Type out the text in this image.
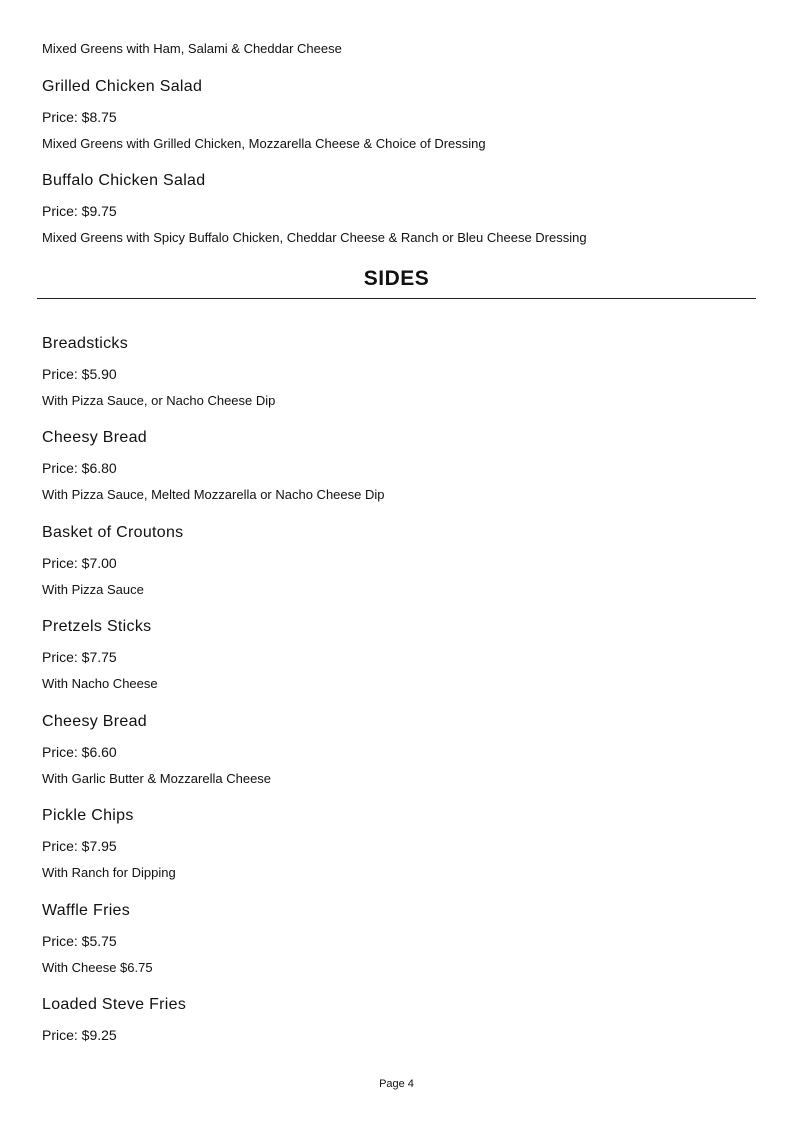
Mixed Greens with Ham, Salami & Cheddar Cheese

Grilled Chicken Salad

Price: $8.75

Mixed Greens with Grilled Chicken, Mozzarella Cheese & Choice of Dressing

Buffalo Chicken Salad

Price: $9.75

Mixed Greens with Spicy Buffalo Chicken, Cheddar Cheese & Ranch or Bleu Cheese Dressing

SIDES

Breadsticks

Price: $5.90

With Pizza Sauce, or Nacho Cheese Dip

Cheesy Bread

Price: $6.80

With Pizza Sauce, Melted Mozzarella or Nacho Cheese Dip

Basket of Croutons

Price: $7.00

With Pizza Sauce

Pretzels Sticks

Price: $7.75

With Nacho Cheese

Cheesy Bread

Price: $6.60

With Garlic Butter & Mozzarella Cheese

Pickle Chips

Price: $7.95

With Ranch for Dipping

Waffle Fries

Price: $5.75

With Cheese $6.75

Loaded Steve Fries

Price: $9.25

Page 4
